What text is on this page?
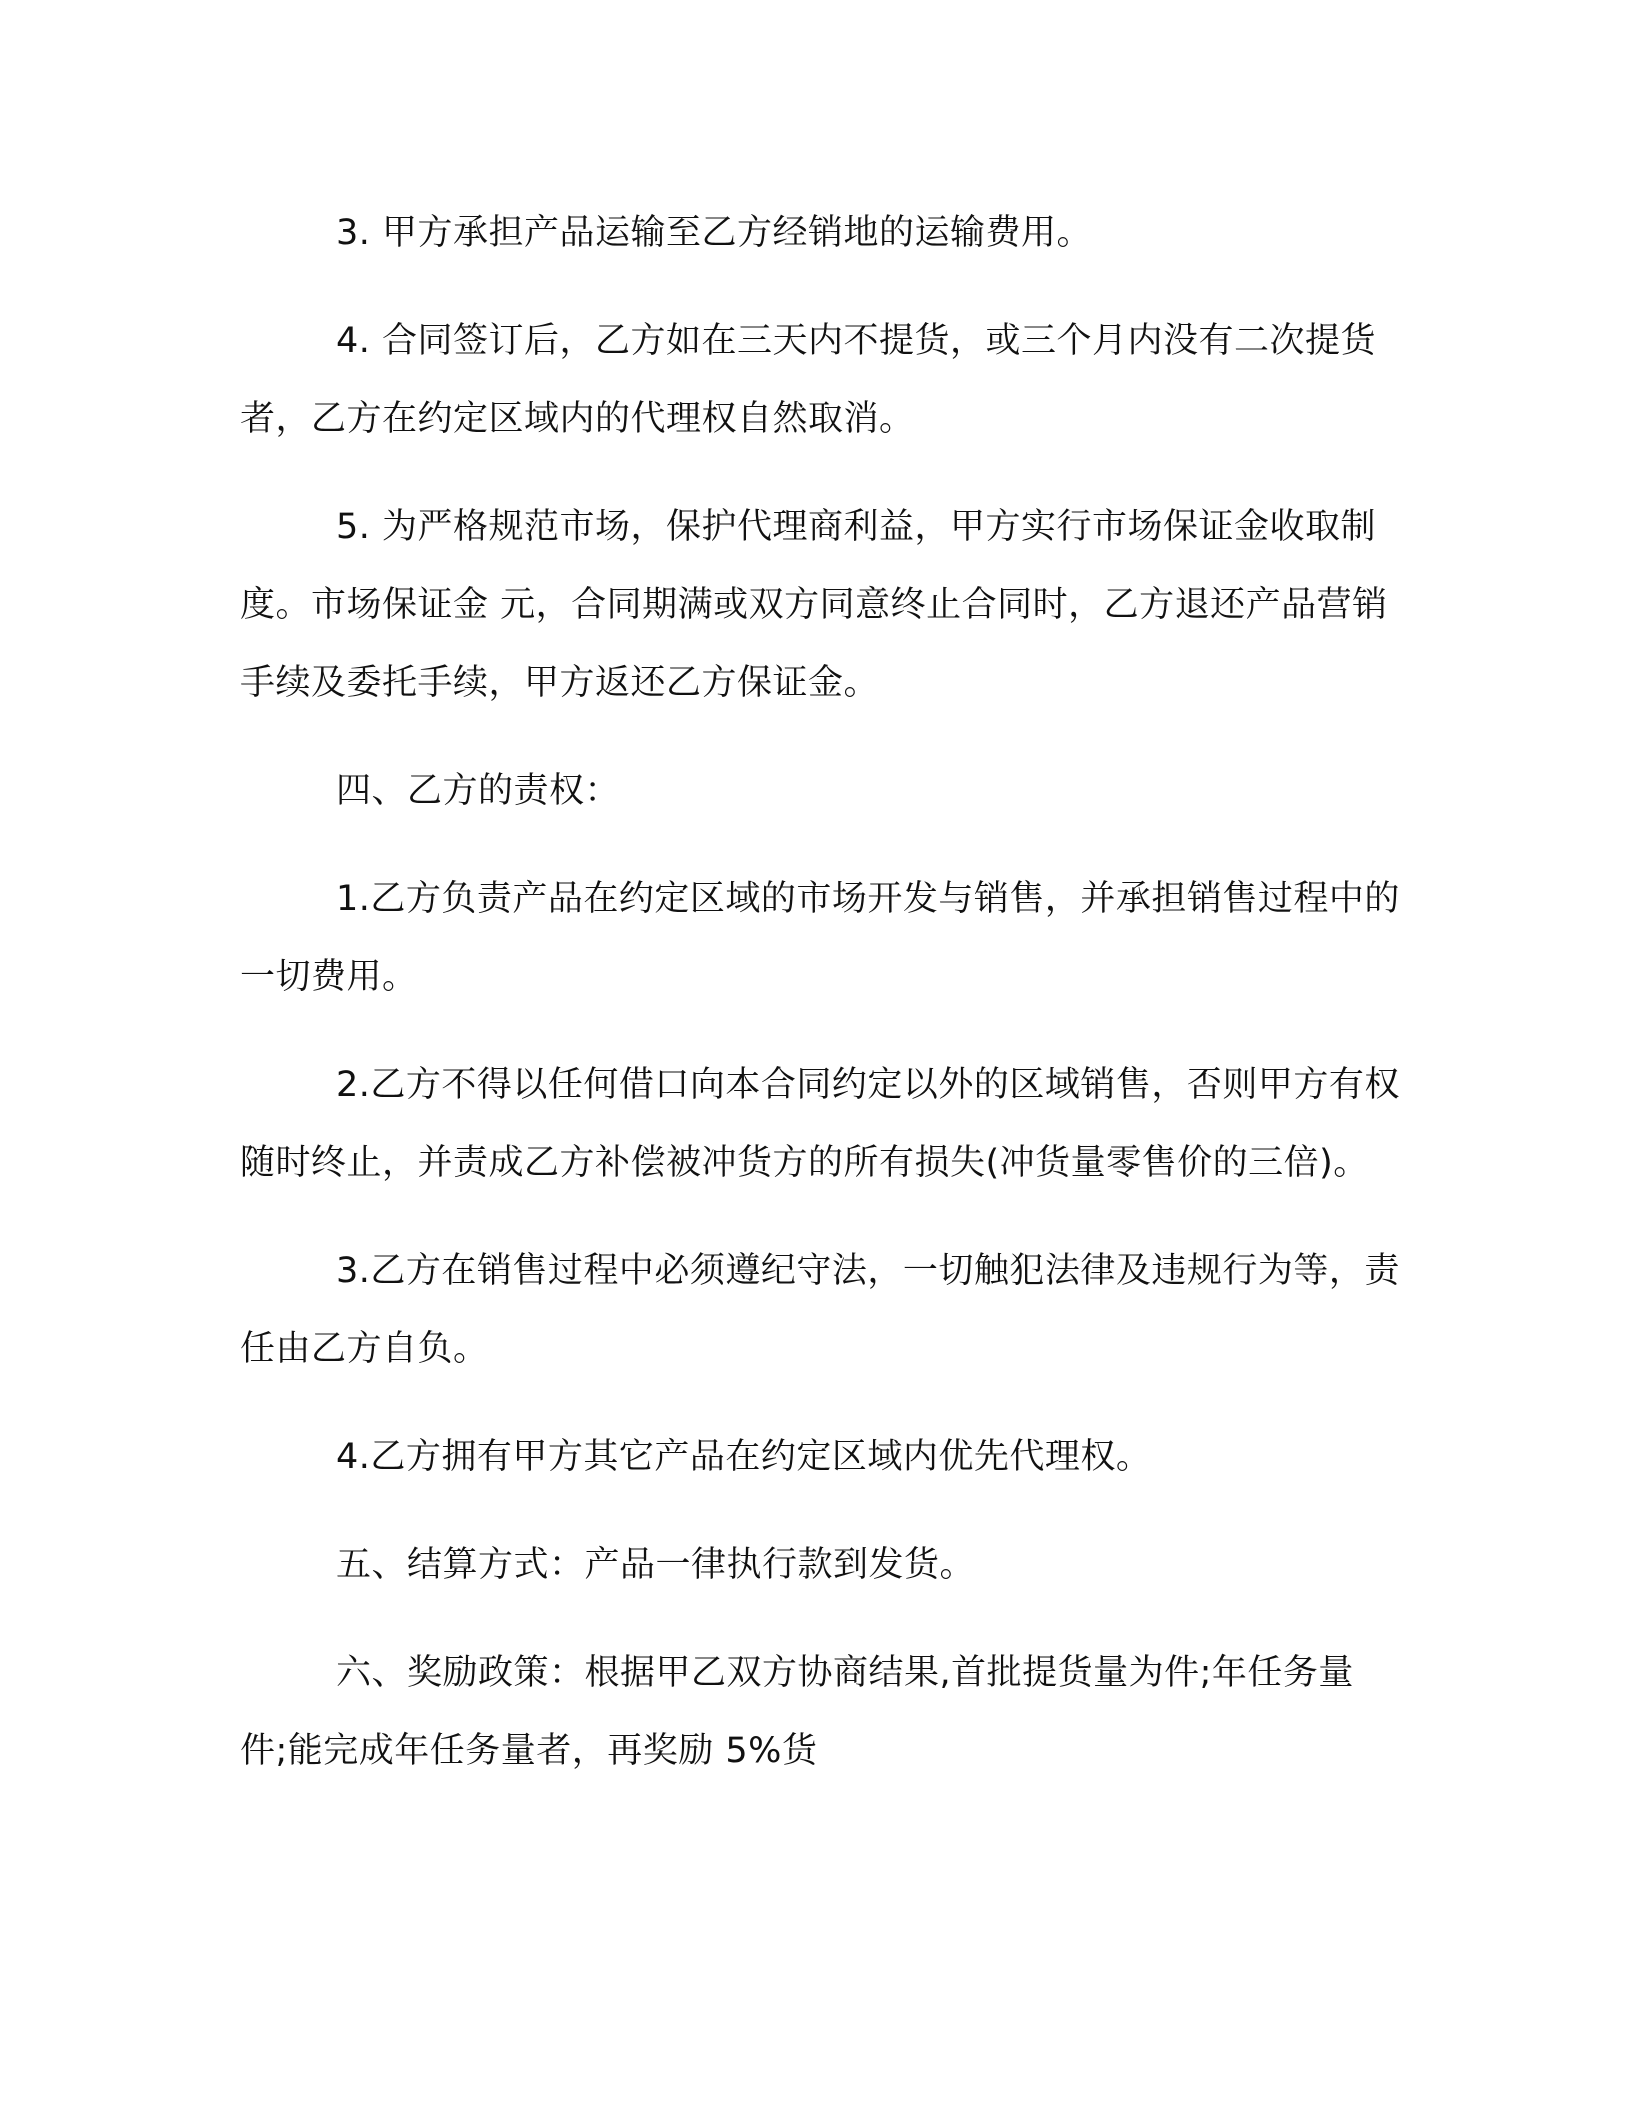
3. 甲方承担产品运输至乙方经销地的运输费用。

4. 合同签订后，乙方如在三天内不提货，或三个月内没有二次提货者，乙方在约定区域内的代理权自然取消。

5. 为严格规范市场，保护代理商利益，甲方实行市场保证金收取制度。市场保证金 元，合同期满或双方同意终止合同时，乙方退还产品营销手续及委托手续，甲方返还乙方保证金。

四、乙方的责权：

1.乙方负责产品在约定区域的市场开发与销售，并承担销售过程中的一切费用。

2.乙方不得以任何借口向本合同约定以外的区域销售，否则甲方有权随时终止，并责成乙方补偿被冲货方的所有损失(冲货量零售价的三倍)。

3.乙方在销售过程中必须遵纪守法，一切触犯法律及违规行为等，责任由乙方自负。

4.乙方拥有甲方其它产品在约定区域内优先代理权。

五、结算方式：产品一律执行款到发货。

六、奖励政策：根据甲乙双方协商结果,首批提货量为件;年任务量件;能完成年任务量者，再奖励 5%货
